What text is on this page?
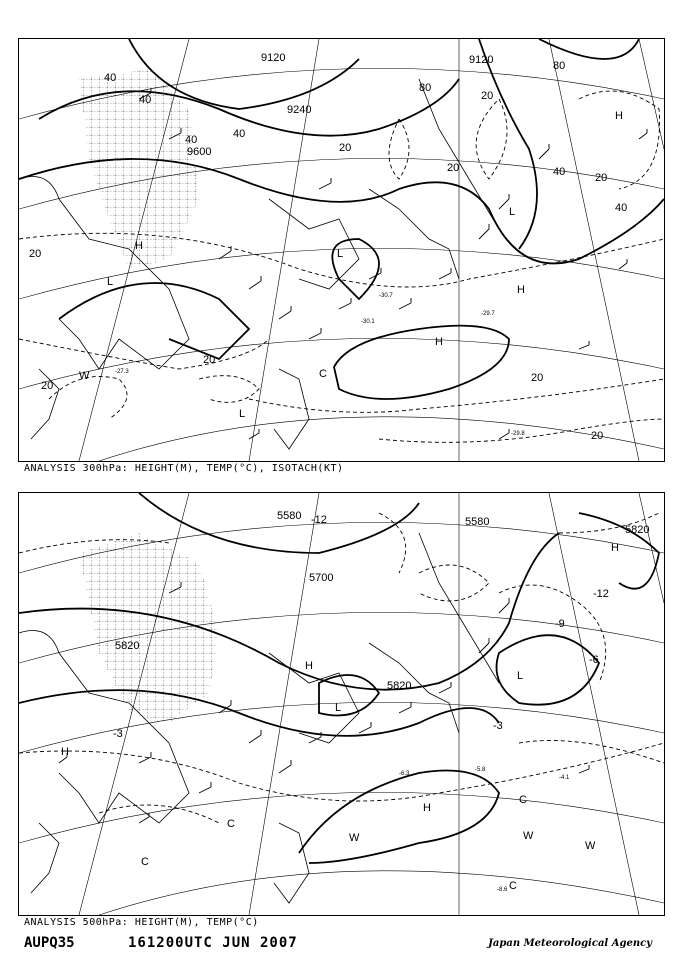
9120	9120
9240
9600
40
40
40	40
40
40
80
80
20
20
20
20
20
20
20
20
20
H
H
H
L
L
L
L
C
W
H
-29.7
-30.1
-29.8
-27.3
-30.7
ANALYSIS 300hPa: HEIGHT(M), TEMP(°C), ISOTACH(KT)
5580	5580
5820
5700
5820
5820
-12
-12
-9
-3
-3
-6
H
H
H
L
L
C
C
C
W	W
W
C
H
-4.1
-5.8
-6.3
-8.6
ANALYSIS 500hPa: HEIGHT(M), TEMP(°C)
AUPQ35	161200UTC JUN 2007	Japan Meteorological Agency
